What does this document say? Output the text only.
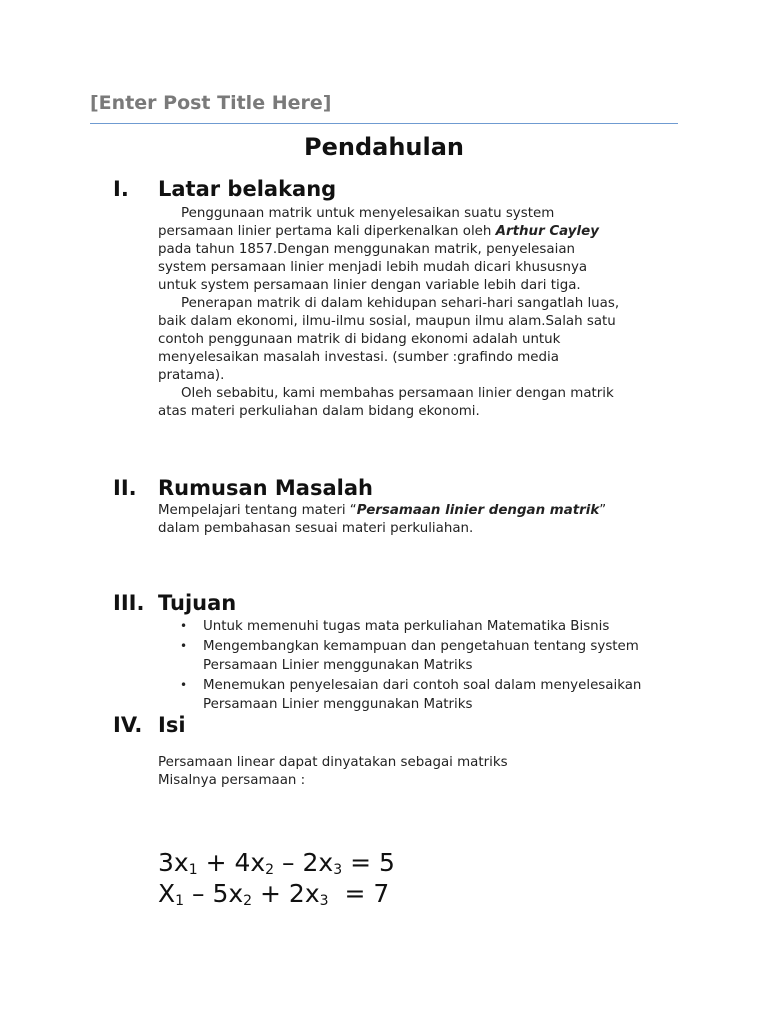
[Enter Post Title Here]
Pendahulan
I. Latar belakang

Penggunaan matrik untuk menyelesaikan suatu system

persamaan linier pertama kali diperkenalkan oleh Arthur Cayley
pada tahun 1857.Dengan menggunakan matrik, penyelesaian
system persamaan linier menjadi lebih mudah dicari khususnya
untuk system persamaan linier dengan variable lebih dari tiga.

Penerapan matrik di dalam kehidupan sehari-hari sangatlah luas,

baik dalam ekonomi, ilmu-ilmu sosial, maupun ilmu alam.Salah satu
contoh penggunaan matrik di bidang ekonomi adalah untuk
menyelesaikan masalah investasi. (sumber :grafindo media
pratama).

Oleh sebabitu, kami membahas persamaan linier dengan matrik

atas materi perkuliahan dalam bidang ekonomi.
II. Rumusan Masalah
Mempelajari tentang materi “Persamaan linier dengan matrik”
dalam pembahasan sesuai materi perkuliahan.
III. Tujuan
• Untuk memenuhi tugas mata perkuliahan Matematika Bisnis
• Mengembangkan kemampuan dan pengetahuan tentang system
Persamaan Linier menggunakan Matriks
• Menemukan penyelesaian dari contoh soal dalam menyelesaikan
Persamaan Linier menggunakan Matriks
IV. Isi
Persamaan linear dapat dinyatakan sebagai matriks
Misalnya persamaan :
$3x_1 + 4x_2 - 2x_3 = 5$
$X_1 - 5x_2 + 2x_3 = 7$
